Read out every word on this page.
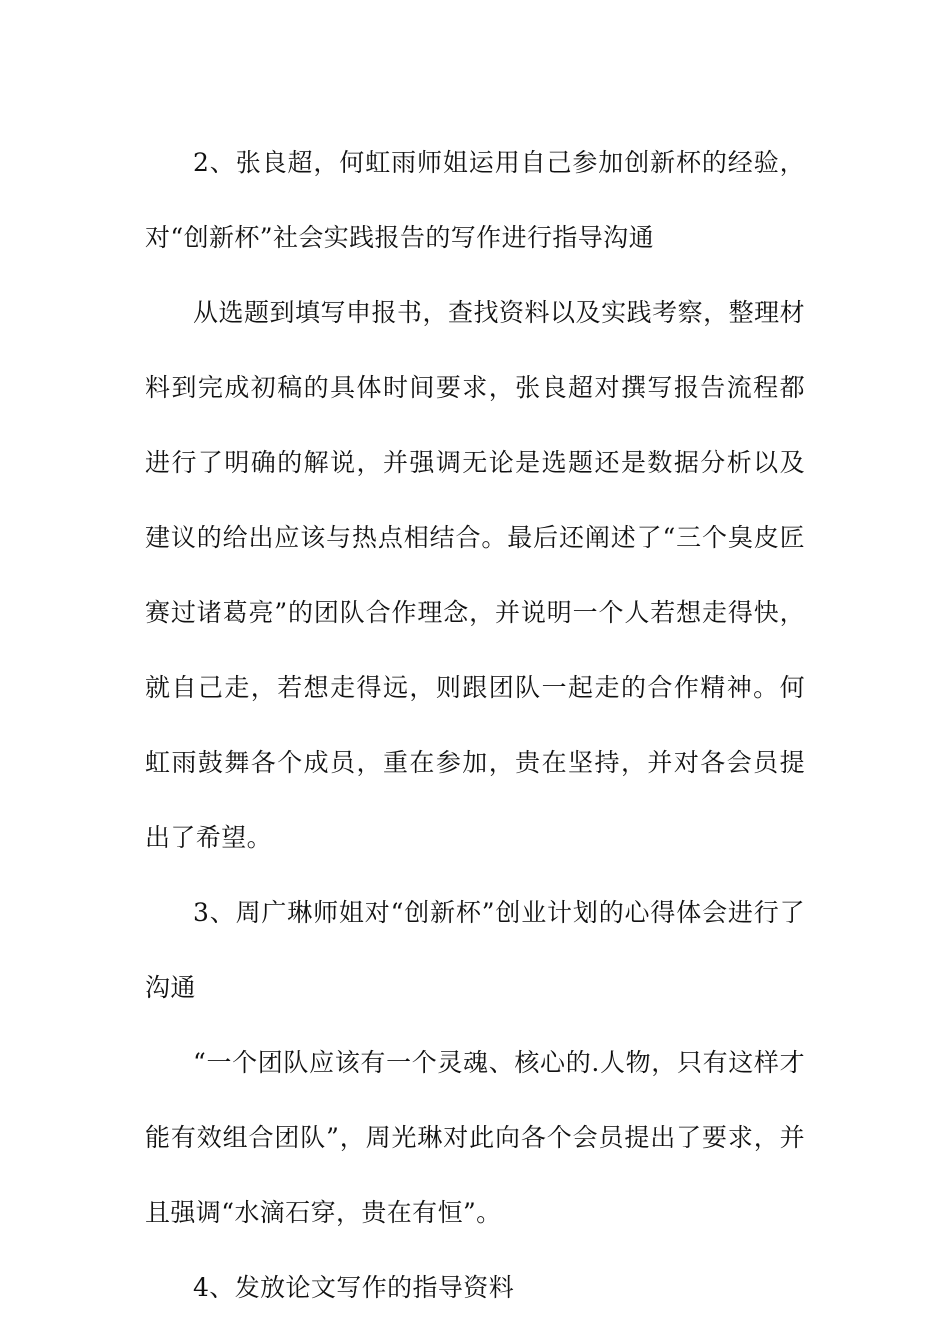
2、张良超，何虹雨师姐运用自己参加创新杯的经验，对“创新杯”社会实践报告的写作进行指导沟通

从选题到填写申报书，查找资料以及实践考察，整理材料到完成初稿的具体时间要求，张良超对撰写报告流程都进行了明确的解说，并强调无论是选题还是数据分析以及建议的给出应该与热点相结合。最后还阐述了“三个臭皮匠赛过诸葛亮”的团队合作理念，并说明一个人若想走得快，就自己走，若想走得远，则跟团队一起走的合作精神。何虹雨鼓舞各个成员，重在参加，贵在坚持，并对各会员提出了希望。

3、周广琳师姐对“创新杯”创业计划的心得体会进行了沟通

“一个团队应该有一个灵魂、核心的.人物，只有这样才能有效组合团队”，周光琳对此向各个会员提出了要求，并且强调“水滴石穿，贵在有恒”。

4、发放论文写作的指导资料
